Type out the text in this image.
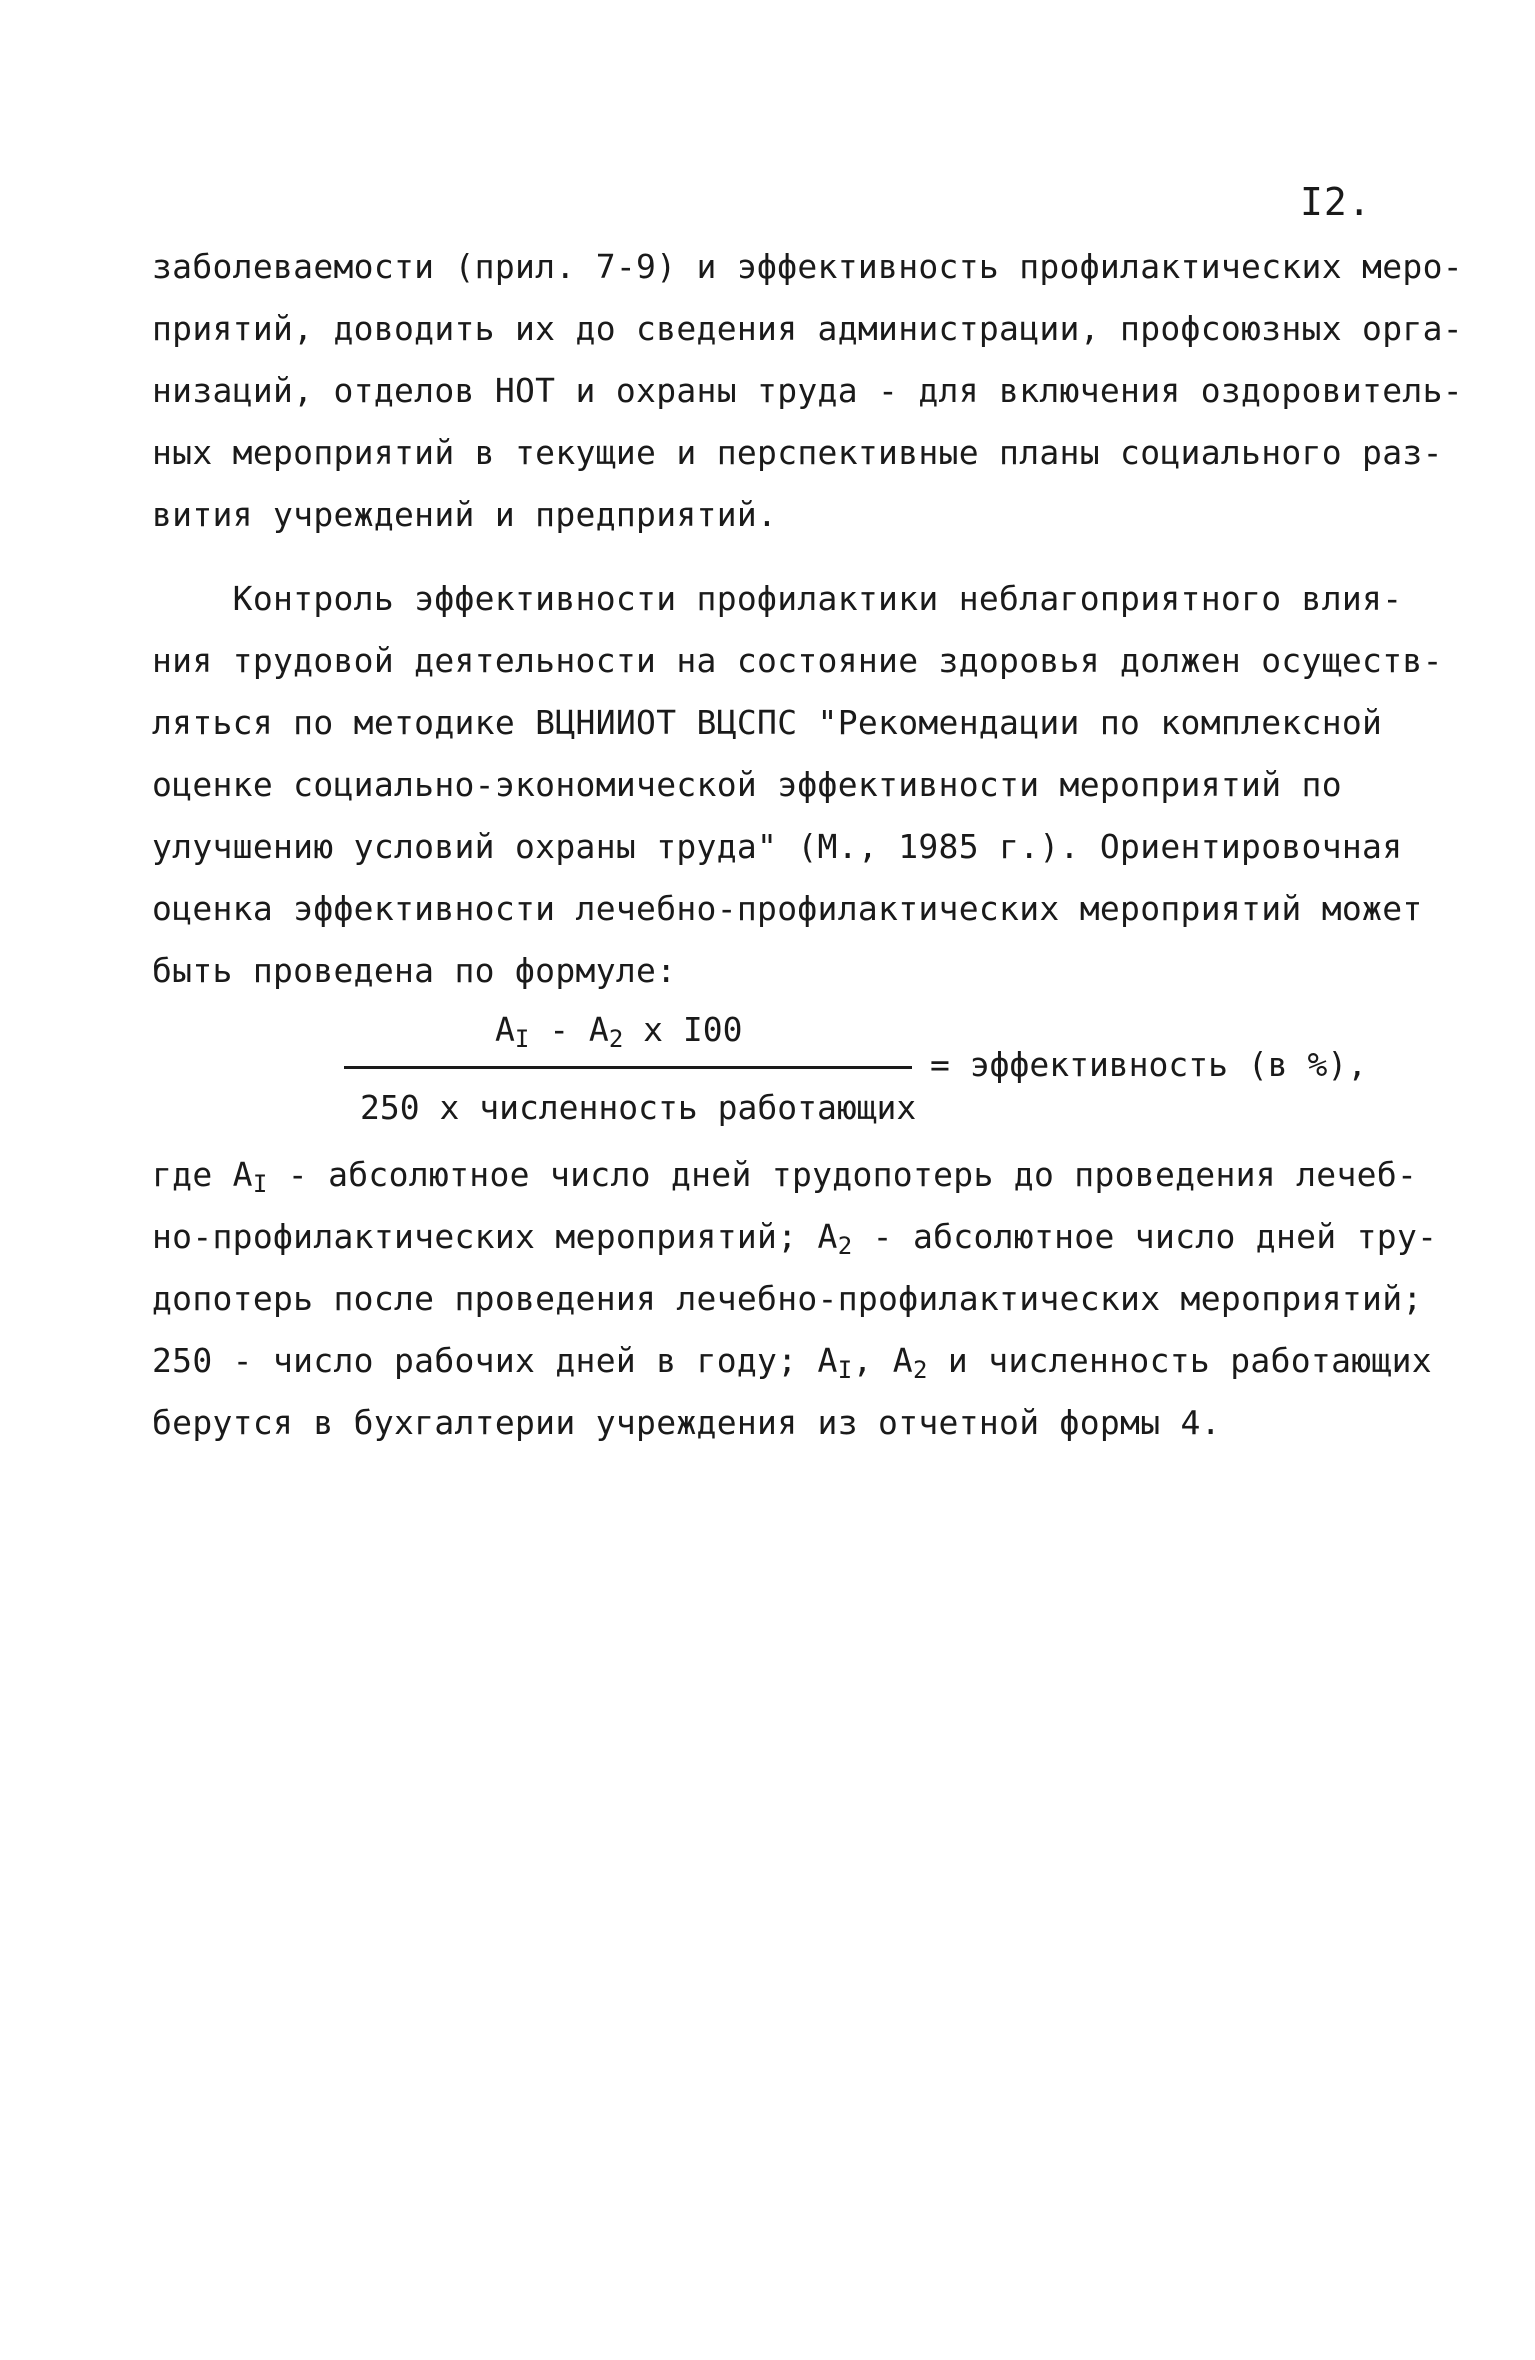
I2.
заболеваемости (прил. 7-9) и эффективность профилактических меро-
приятий, доводить их до сведения администрации, профсоюзных орга-
низаций, отделов НОТ и охраны труда - для включения оздоровитель-
ных мероприятий в текущие и перспективные планы социального раз-
вития учреждений и предприятий.
Контроль эффективности профилактики неблагоприятного влия-
ния трудовой деятельности на состояние здоровья должен осуществ-
ляться по методике ВЦНИИОТ ВЦСПС "Рекомендации по комплексной
оценке социально-экономической эффективности мероприятий по
улучшению условий охраны труда" (М., 1985 г.). Ориентировочная
оценка эффективности лечебно-профилактических мероприятий может
быть проведена по формуле:
$A_I - A_2$ x I00
= эффективность (в %),
250 х численность работающих
где $A_I$ - абсолютное число дней трудопотерь до проведения лечеб-
но-профилактических мероприятий; $A_2$ - абсолютное число дней тру-
допотерь после проведения лечебно-профилактических мероприятий;
250 - число рабочих дней в году; $A_I$, $A_2$ и численность работающих
берутся в бухгалтерии учреждения из отчетной формы 4.
